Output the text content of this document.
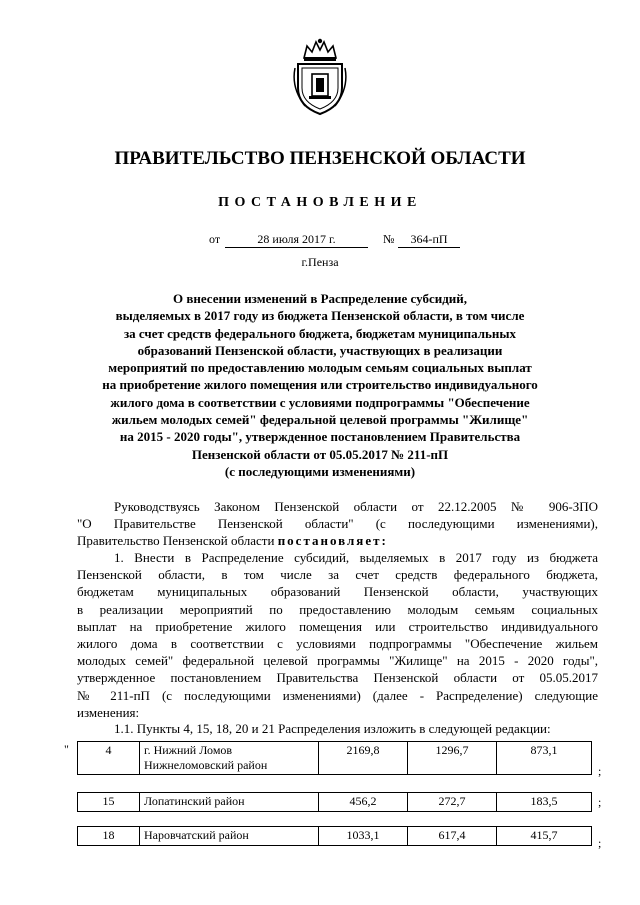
ПРАВИТЕЛЬСТВО ПЕНЗЕНСКОЙ ОБЛАСТИ
ПОСТАНОВЛЕНИЕ
от	28 июля 2017 г.	№	364-пП
г.Пенза
О внесении изменений в Распределение субсидий,
выделяемых в 2017 году из бюджета Пензенской области, в том числе
за счет средств федерального бюджета, бюджетам муниципальных
образований Пензенской области, участвующих в реализации
мероприятий по предоставлению молодым семьям социальных выплат
на приобретение жилого помещения или строительство индивидуального
жилого дома в соответствии с условиями подпрограммы "Обеспечение
жильем молодых семей" федеральной целевой программы "Жилище"
на 2015 - 2020 годы", утвержденное постановлением Правительства
Пензенской области от 05.05.2017 № 211-пП
(с последующими изменениями)
Руководствуясь Законом Пензенской области от 22.12.2005 № 906-ЗПО
"О Правительстве Пензенской области" (с последующими изменениями),
Правительство Пензенской области постановляет:
1. Внести в Распределение субсидий, выделяемых в 2017 году из бюджета
Пензенской области, в том числе за счет средств федерального бюджета,
бюджетам муниципальных образований Пензенской области, участвующих
в реализации мероприятий по предоставлению молодым семьям социальных
выплат на приобретение жилого помещения или строительство индивидуального
жилого дома в соответствии с условиями подпрограммы "Обеспечение жильем
молодых семей" федеральной целевой программы "Жилище" на 2015 - 2020 годы",
утвержденное постановлением Правительства Пензенской области от 05.05.2017
№ 211-пП (с последующими изменениями) (далее - Распределение) следующие
изменения:
1.1. Пункты 4, 15, 18, 20 и 21 Распределения изложить в следующей редакции:
"	4	г. Нижний Ломов
Нижнеломовский район
	2169,8	1296,7	873,1
;
15	Лопатинский район	456,2	272,7	183,5	;
18	Наровчатский район	1033,1	617,4	415,7
;
